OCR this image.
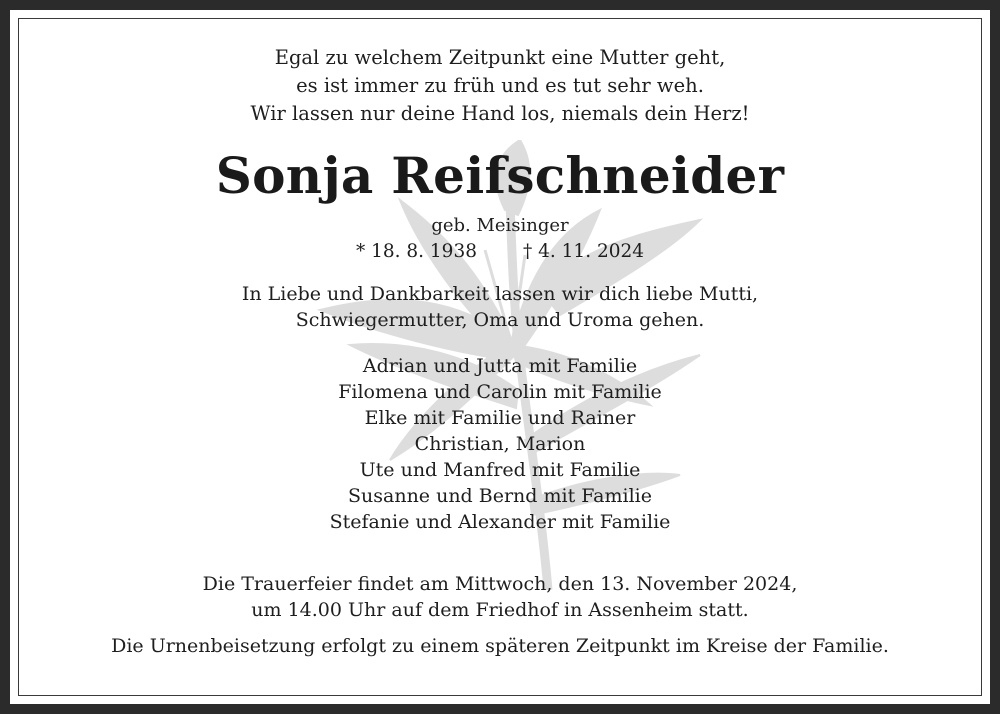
Egal zu welchem Zeitpunkt eine Mutter geht,
es ist immer zu früh und es tut sehr weh.
Wir lassen nur deine Hand los, niemals dein Herz!
Sonja Reifschneider
geb. Meisinger
* 18. 8. 1938 † 4. 11. 2024
In Liebe und Dankbarkeit lassen wir dich liebe Mutti,
Schwiegermutter, Oma und Uroma gehen.
Adrian und Jutta mit Familie
Filomena und Carolin mit Familie
Elke mit Familie und Rainer
Christian, Marion
Ute und Manfred mit Familie
Susanne und Bernd mit Familie
Stefanie und Alexander mit Familie
Die Trauerfeier findet am Mittwoch, den 13. November 2024,
um 14.00 Uhr auf dem Friedhof in Assenheim statt.
Die Urnenbeisetzung erfolgt zu einem späteren Zeitpunkt im Kreise der Familie.
